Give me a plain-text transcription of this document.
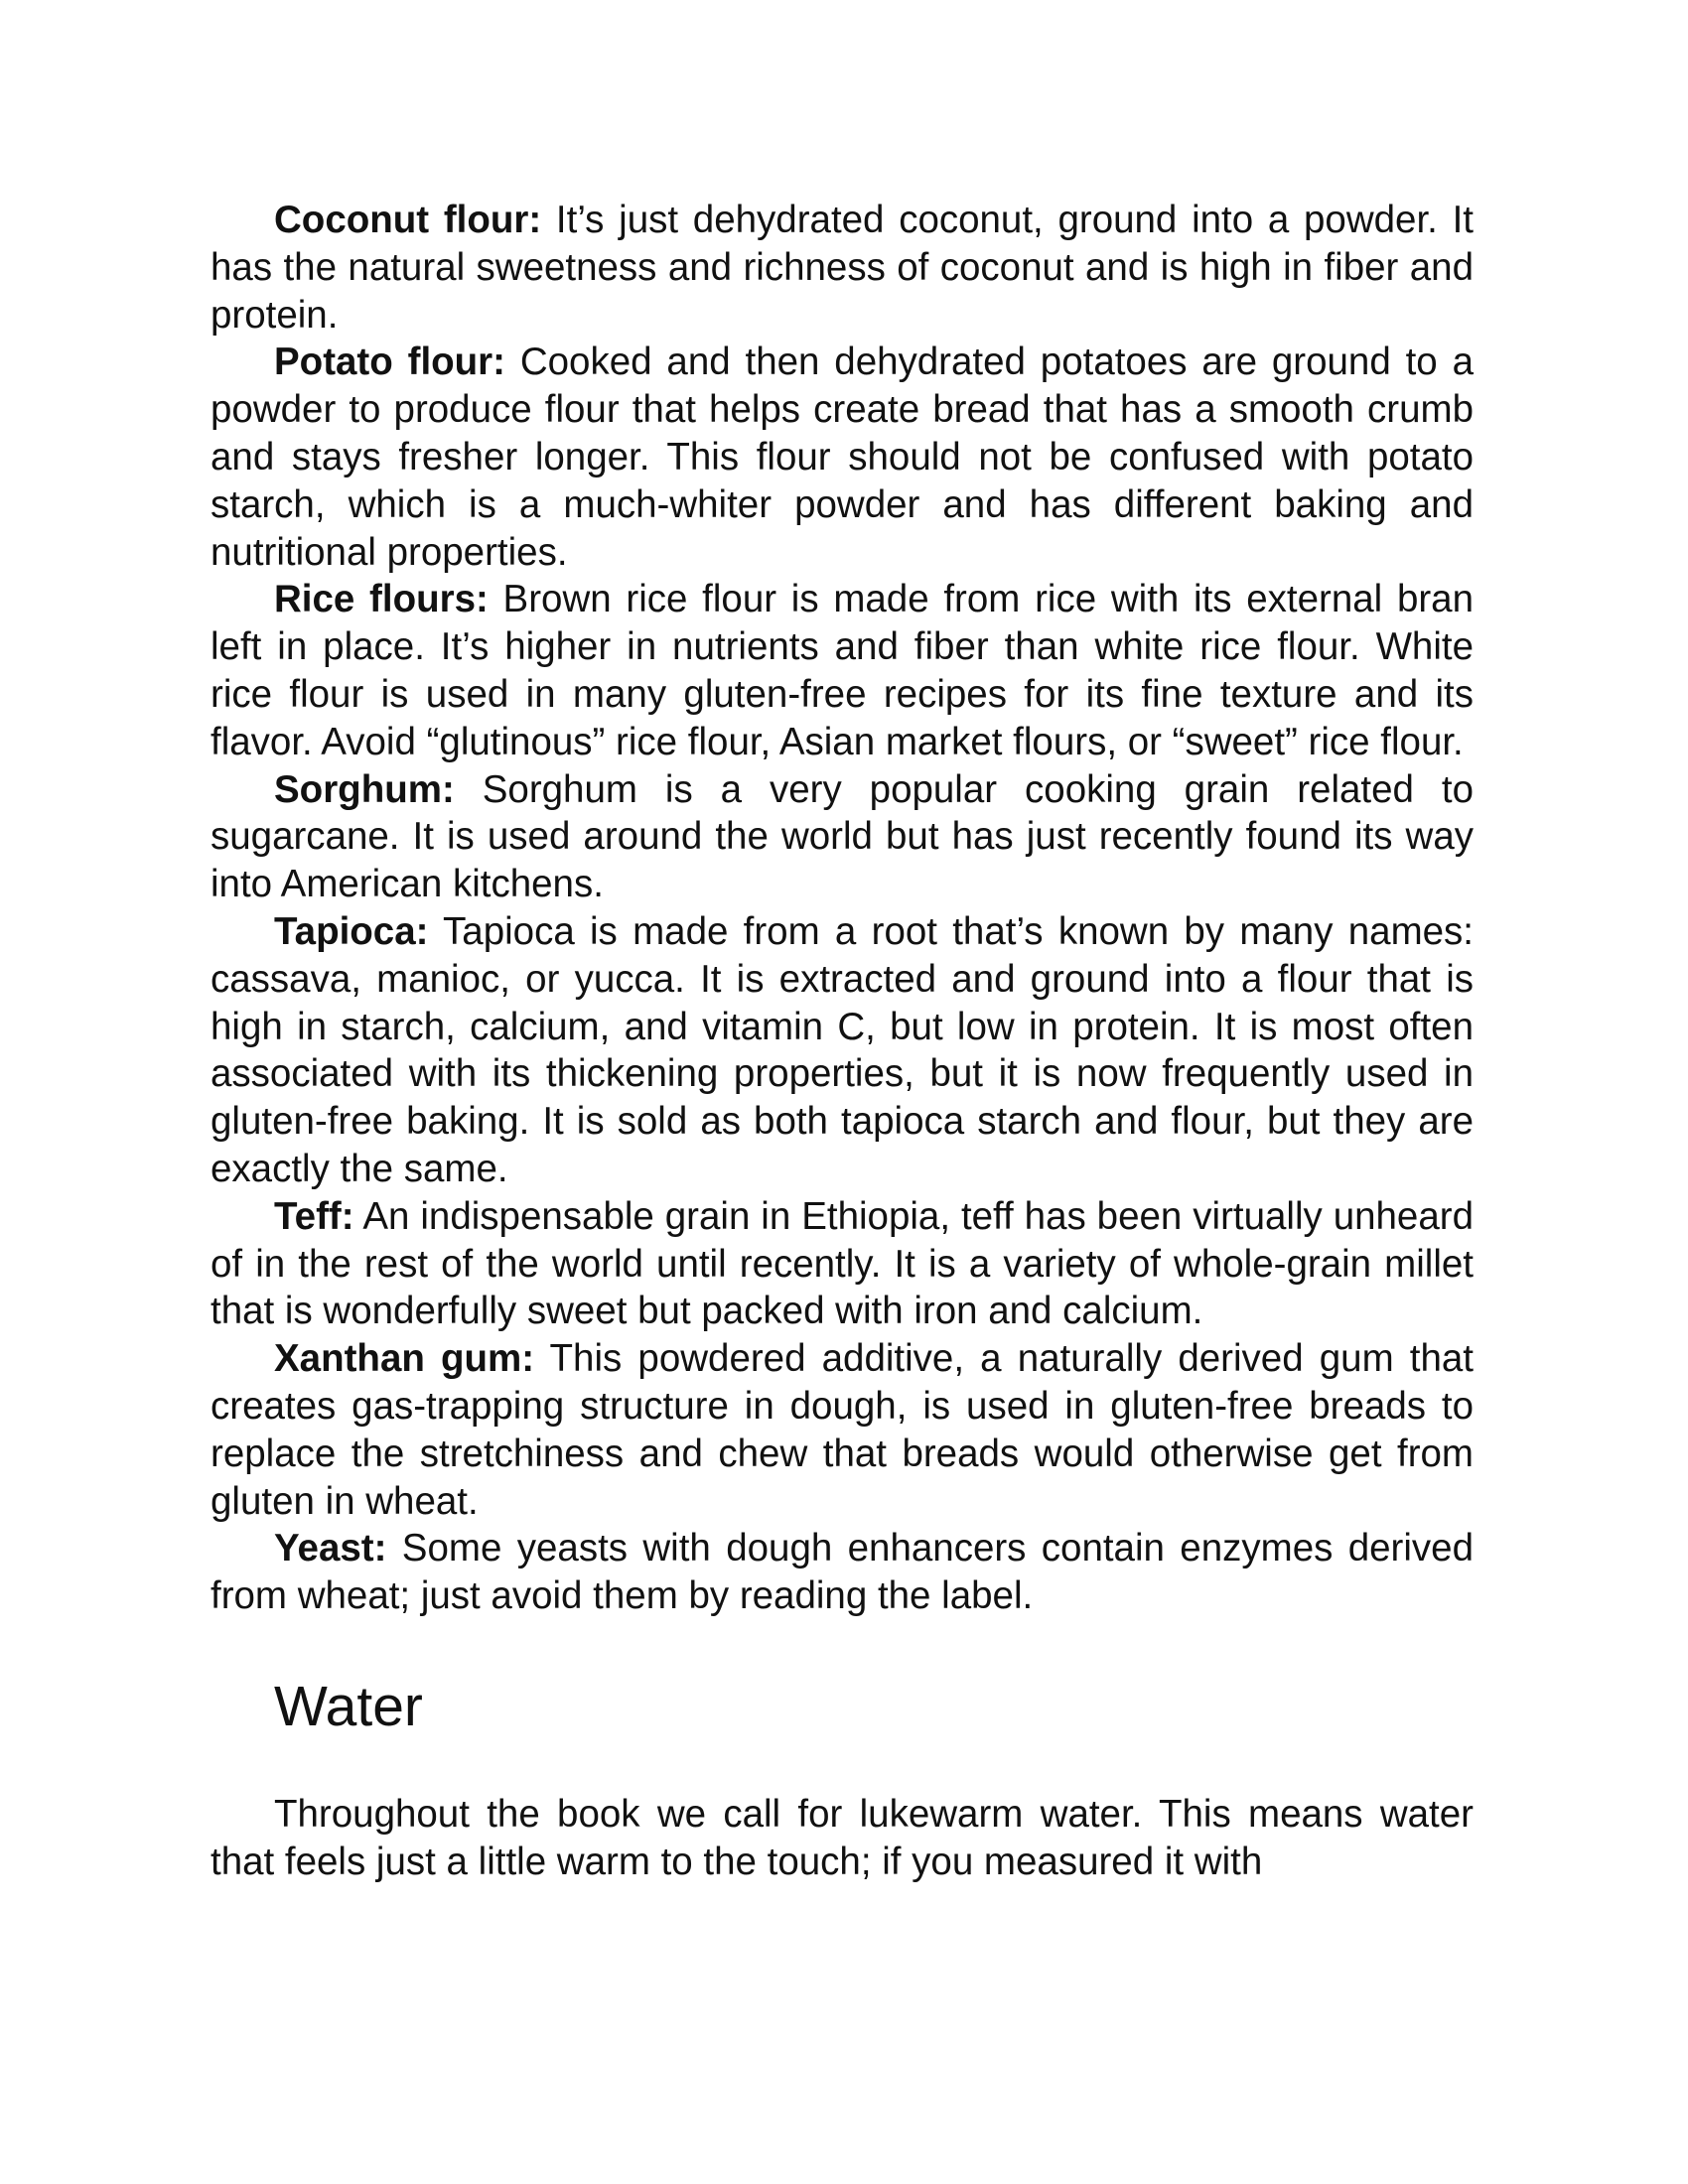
Coconut flour: It’s just dehydrated coconut, ground into a powder. It has the natural sweetness and richness of coconut and is high in fiber and protein.

Potato flour: Cooked and then dehydrated potatoes are ground to a powder to produce flour that helps create bread that has a smooth crumb and stays fresher longer. This flour should not be confused with potato starch, which is a much-whiter powder and has different baking and nutritional properties.

Rice flours: Brown rice flour is made from rice with its external bran left in place. It’s higher in nutrients and fiber than white rice flour. White rice flour is used in many gluten-free recipes for its fine texture and its flavor. Avoid “glutinous” rice flour, Asian market flours, or “sweet” rice flour.

Sorghum: Sorghum is a very popular cooking grain related to sugarcane. It is used around the world but has just recently found its way into American kitchens.

Tapioca: Tapioca is made from a root that’s known by many names: cassava, manioc, or yucca. It is extracted and ground into a flour that is high in starch, calcium, and vitamin C, but low in protein. It is most often associated with its thickening properties, but it is now frequently used in gluten-free baking. It is sold as both tapioca starch and flour, but they are exactly the same.

Teff: An indispensable grain in Ethiopia, teff has been virtually unheard of in the rest of the world until recently. It is a variety of whole-grain millet that is wonderfully sweet but packed with iron and calcium.

Xanthan gum: This powdered additive, a naturally derived gum that creates gas-trapping structure in dough, is used in gluten-free breads to replace the stretchiness and chew that breads would otherwise get from gluten in wheat.

Yeast: Some yeasts with dough enhancers contain enzymes derived from wheat; just avoid them by reading the label.

Water

Throughout the book we call for lukewarm water. This means water that feels just a little warm to the touch; if you measured it with
